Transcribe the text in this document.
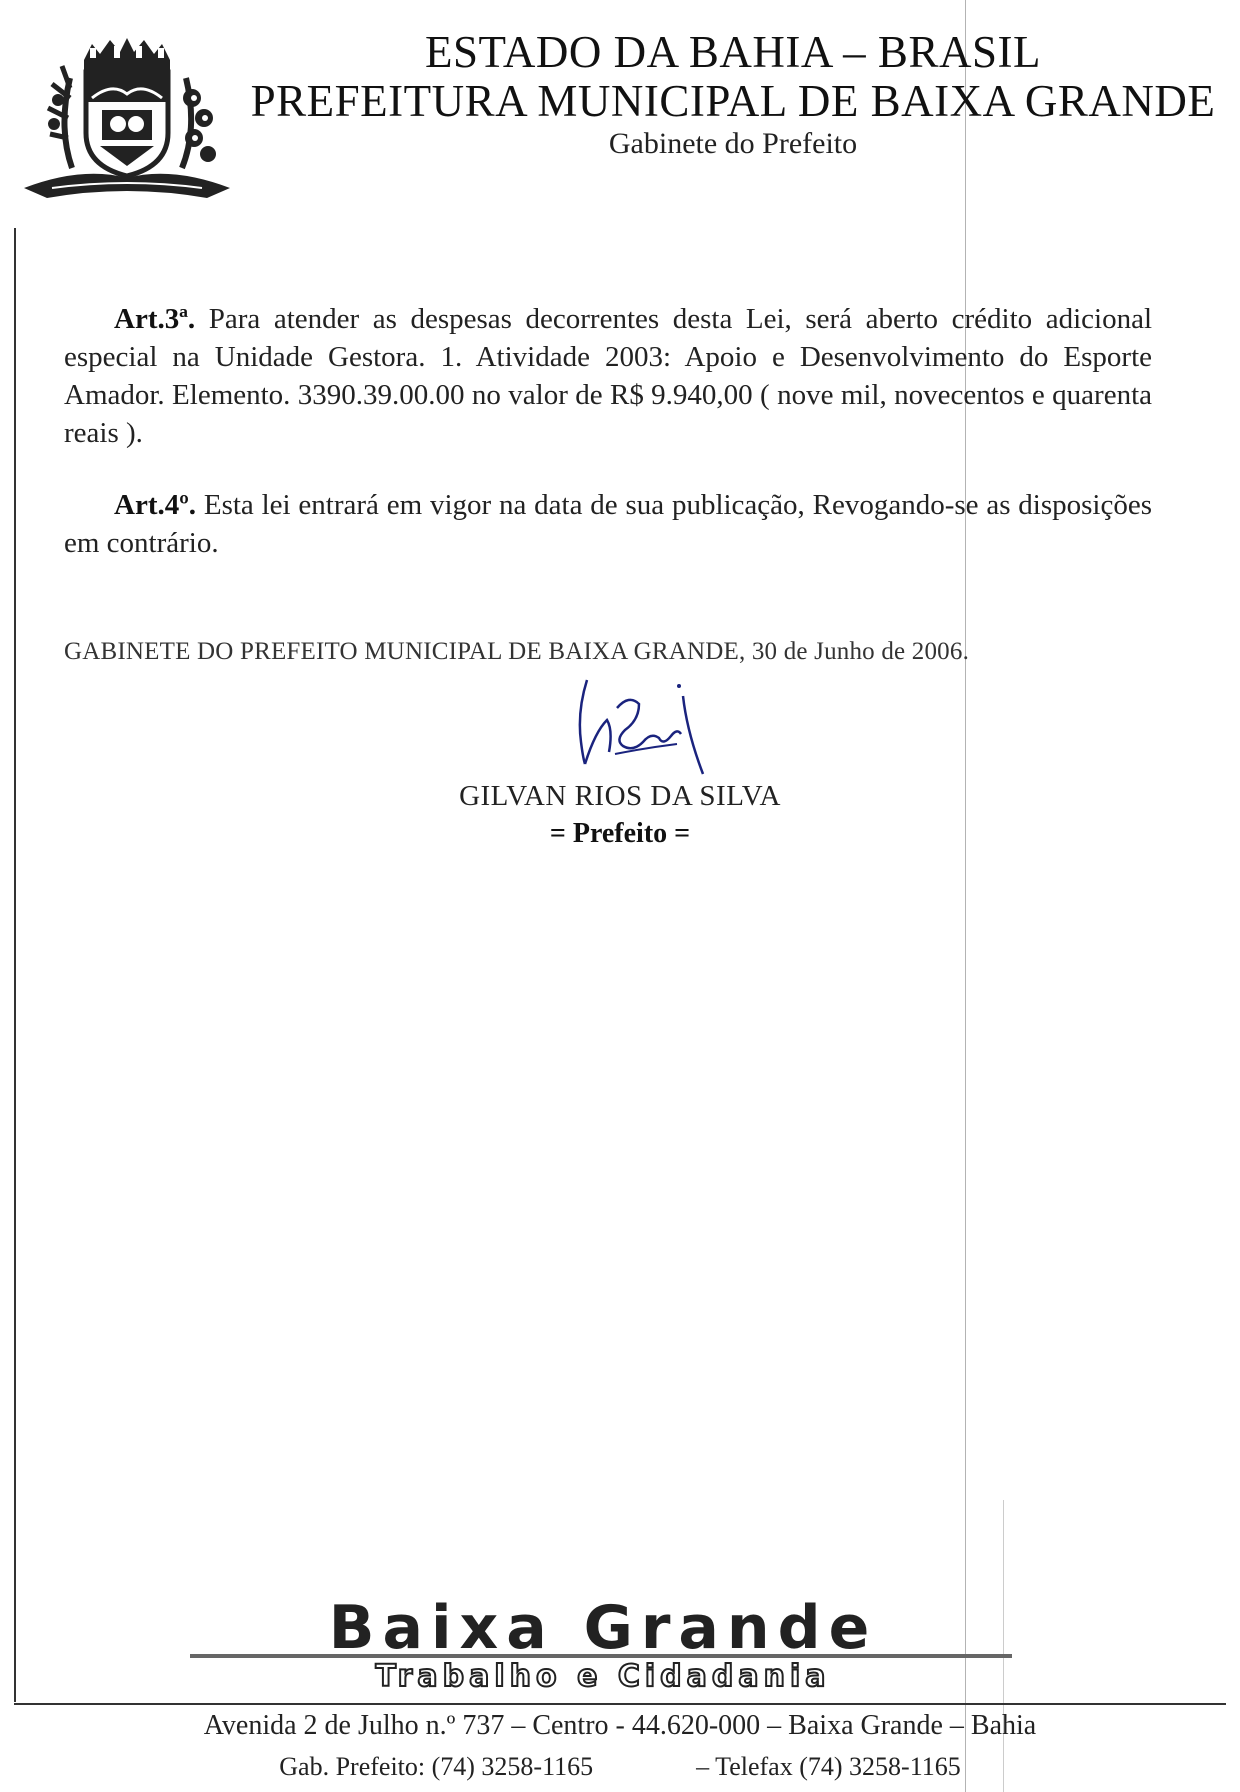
ESTADO DA BAHIA – BRASIL
PREFEITURA MUNICIPAL DE BAIXA GRANDE
Gabinete do Prefeito
Art.3ª. Para atender as despesas decorrentes desta Lei, será aberto crédito adicional especial na Unidade Gestora. 1. Atividade 2003: Apoio e Desenvolvimento do Esporte Amador. Elemento. 3390.39.00.00 no valor de R$ 9.940,00 ( nove mil, novecentos e quarenta reais ).
Art.4º. Esta lei entrará em vigor na data de sua publicação, Revogando-se as disposições em contrário.
GABINETE DO PREFEITO MUNICIPAL DE BAIXA GRANDE, 30 de Junho de 2006.
GILVAN RIOS DA SILVA
= Prefeito =
Baixa Grande
Trabalho e Cidadania
Avenida 2 de Julho n.º 737 – Centro - 44.620-000 – Baixa Grande – Bahia
Gab. Prefeito: (74) 3258-1165	– Telefax (74) 3258-1165
